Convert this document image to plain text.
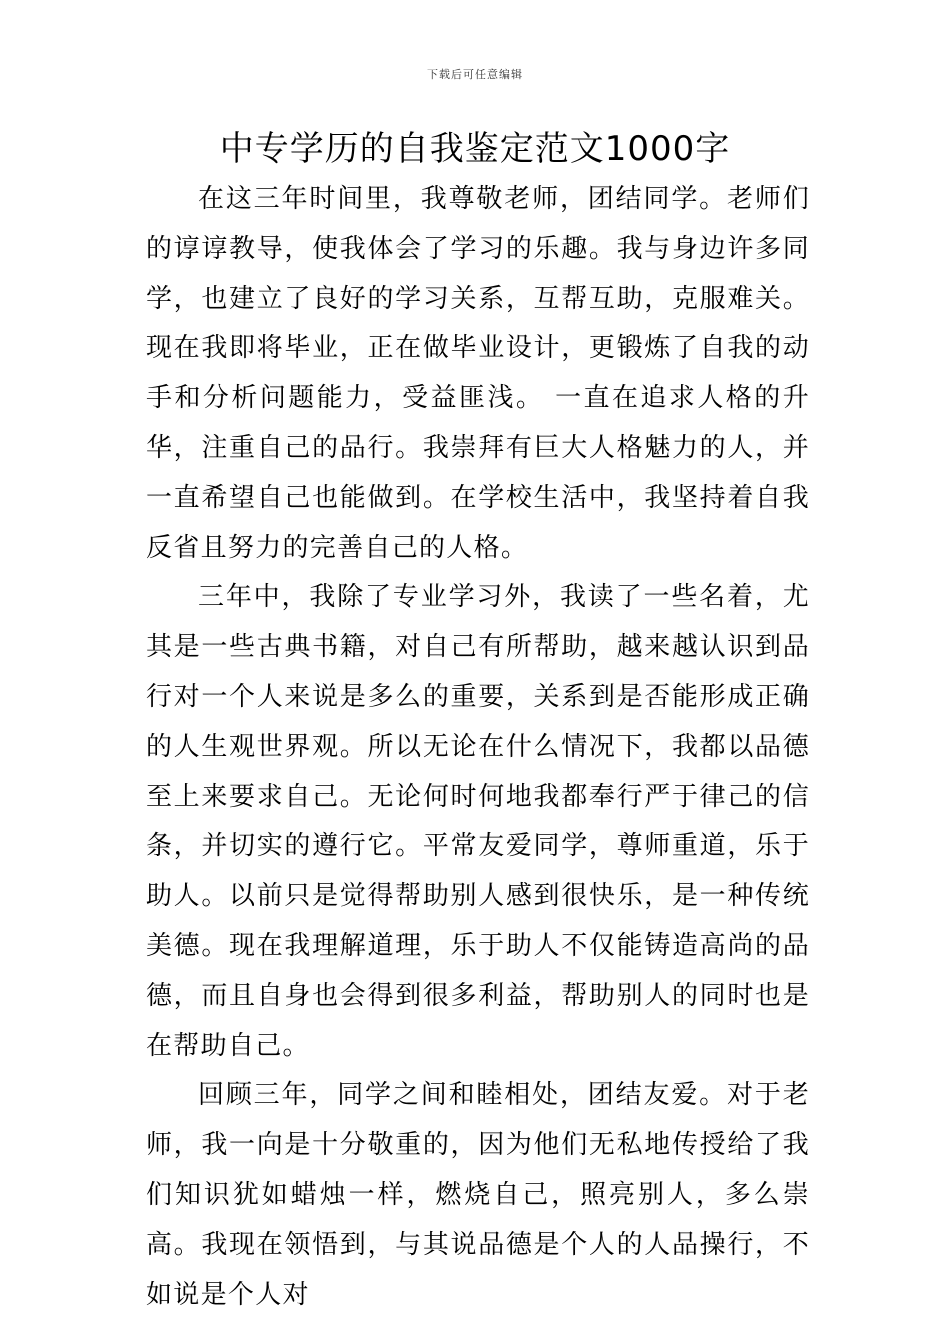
下载后可任意编辑
中专学历的自我鉴定范文1000字

在这三年时间里，我尊敬老师，团结同学。老师们的谆谆教导，使我体会了学习的乐趣。我与身边许多同学，也建立了良好的学习关系，互帮互助，克服难关。现在我即将毕业，正在做毕业设计，更锻炼了自我的动手和分析问题能力，受益匪浅。 一直在追求人格的升华，注重自己的品行。我崇拜有巨大人格魅力的人，并一直希望自己也能做到。在学校生活中，我坚持着自我反省且努力的完善自己的人格。

三年中，我除了专业学习外，我读了一些名着，尤其是一些古典书籍，对自己有所帮助，越来越认识到品行对一个人来说是多么的重要，关系到是否能形成正确的人生观世界观。所以无论在什么情况下，我都以品德至上来要求自己。无论何时何地我都奉行严于律己的信条，并切实的遵行它。平常友爱同学，尊师重道，乐于助人。以前只是觉得帮助别人感到很快乐，是一种传统美德。现在我理解道理，乐于助人不仅能铸造高尚的品德，而且自身也会得到很多利益，帮助别人的同时也是在帮助自己。

回顾三年，同学之间和睦相处，团结友爱。对于老师，我一向是十分敬重的，因为他们无私地传授给了我们知识犹如蜡烛一样，燃烧自己，照亮别人，多么崇高。我现在领悟到，与其说品德是个人的人品操行，不如说是个人对
